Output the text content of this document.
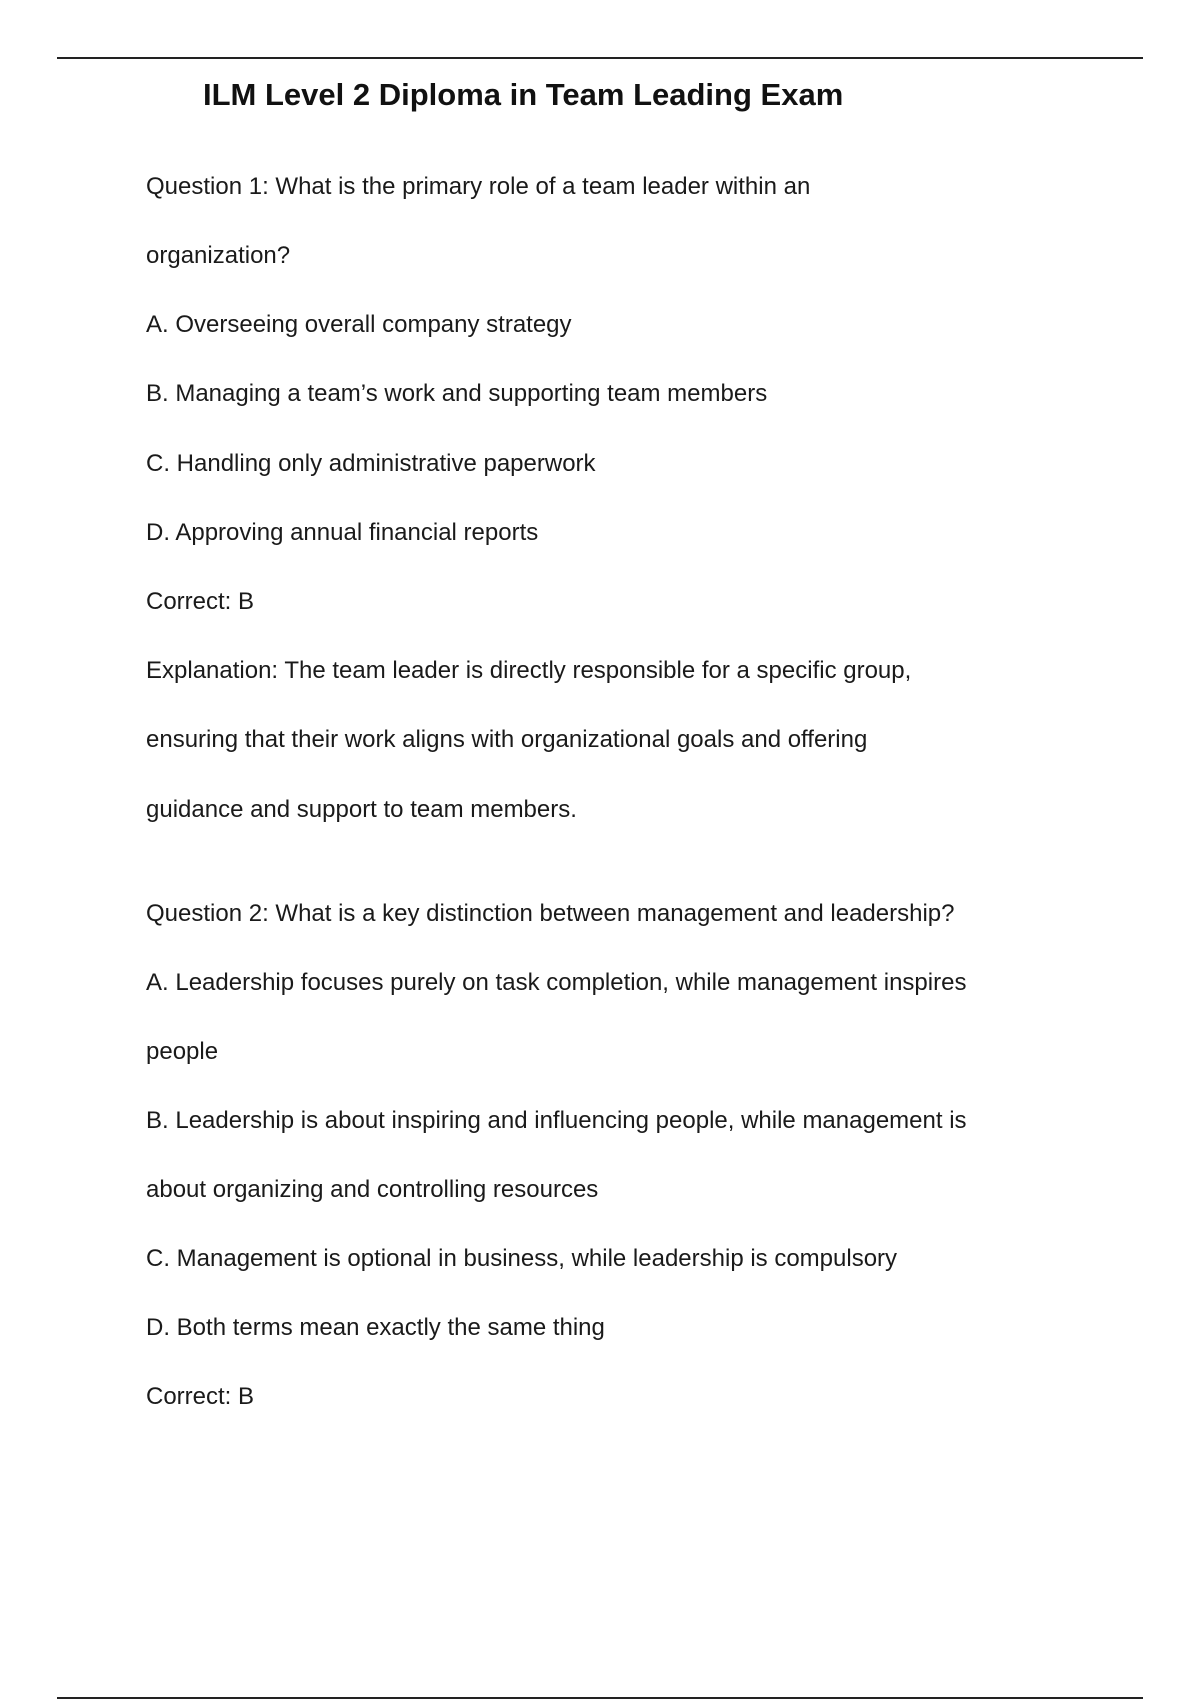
ILM Level 2 Diploma in Team Leading Exam

Question 1: What is the primary role of a team leader within an

organization?

A. Overseeing overall company strategy

B. Managing a team’s work and supporting team members

C. Handling only administrative paperwork

D. Approving annual financial reports

Correct: B

Explanation: The team leader is directly responsible for a specific group,

ensuring that their work aligns with organizational goals and offering

guidance and support to team members.

Question 2: What is a key distinction between management and leadership?

A. Leadership focuses purely on task completion, while management inspires

people

B. Leadership is about inspiring and influencing people, while management is

about organizing and controlling resources

C. Management is optional in business, while leadership is compulsory

D. Both terms mean exactly the same thing

Correct: B
